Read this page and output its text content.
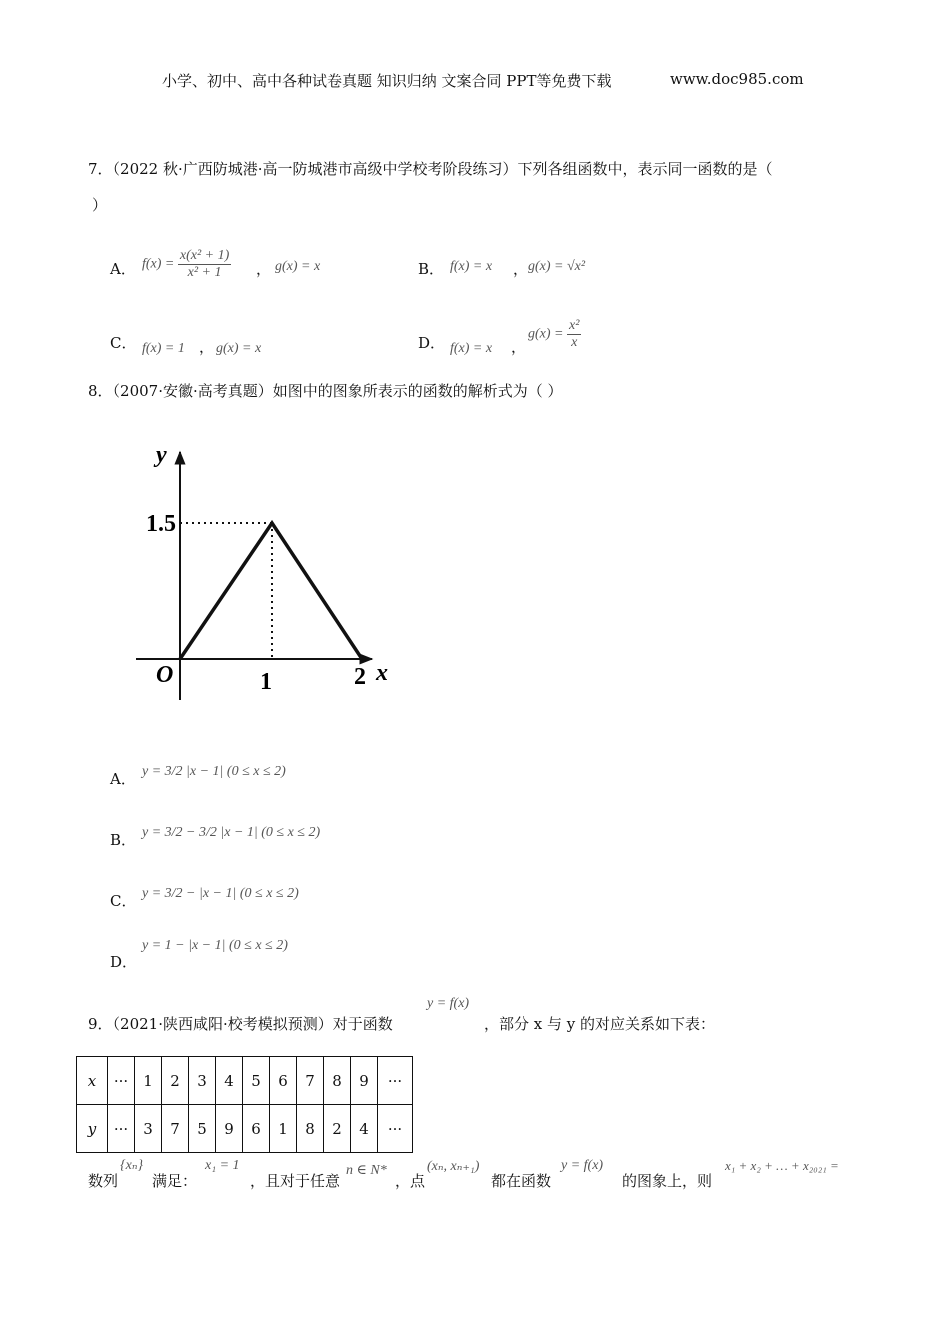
小学、初中、高中各种试卷真题 知识归纳 文案合同 PPT等免费下载	www.doc985.com
7．（2022 秋·广西防城港·高一防城港市高级中学校考阶段练习）下列各组函数中，表示同一函数的是（
）
A． $f(x) = \frac{\text{x(x² + 1)}}{\text{x² + 1}}$ ， g(x) = x	B． f(x) = x ， g(x) = √x²
C． f(x) = 1 ， g(x) = x	D． f(x) = x ，
$g(x) = \frac{\text{x²}}{x}$
8．（2007·安徽·高考真题）如图中的图象所表示的函数的解析式为（ ）
y
x
O
1.5
1	2
A． y = 3/2 |x − 1| (0 ≤ x ≤ 2)
B． y = 3/2 − 3/2 |x − 1| (0 ≤ x ≤ 2)
C． y = 3/2 − |x − 1| (0 ≤ x ≤ 2)
D．
y = 1 − |x − 1| (0 ≤ x ≤ 2)
9．（2021·陕西咸阳·校考模拟预测）对于函数
y = f(x)
，部分 x 与 y 的对应关系如下表：
x	···	1	2	3	4	5	6	7	8	9	···
y	···	3	7	5	9	6	1	8	2	4	···
数列
{xₙ}
满足：
x₁ = 1
，且对于任意
n ∈ N*
，点
(xₙ, xₙ₊₁)
都在函数
y = f(x)
的图象上，则
x₁ + x₂ + … + x₂₀₂₁ =
